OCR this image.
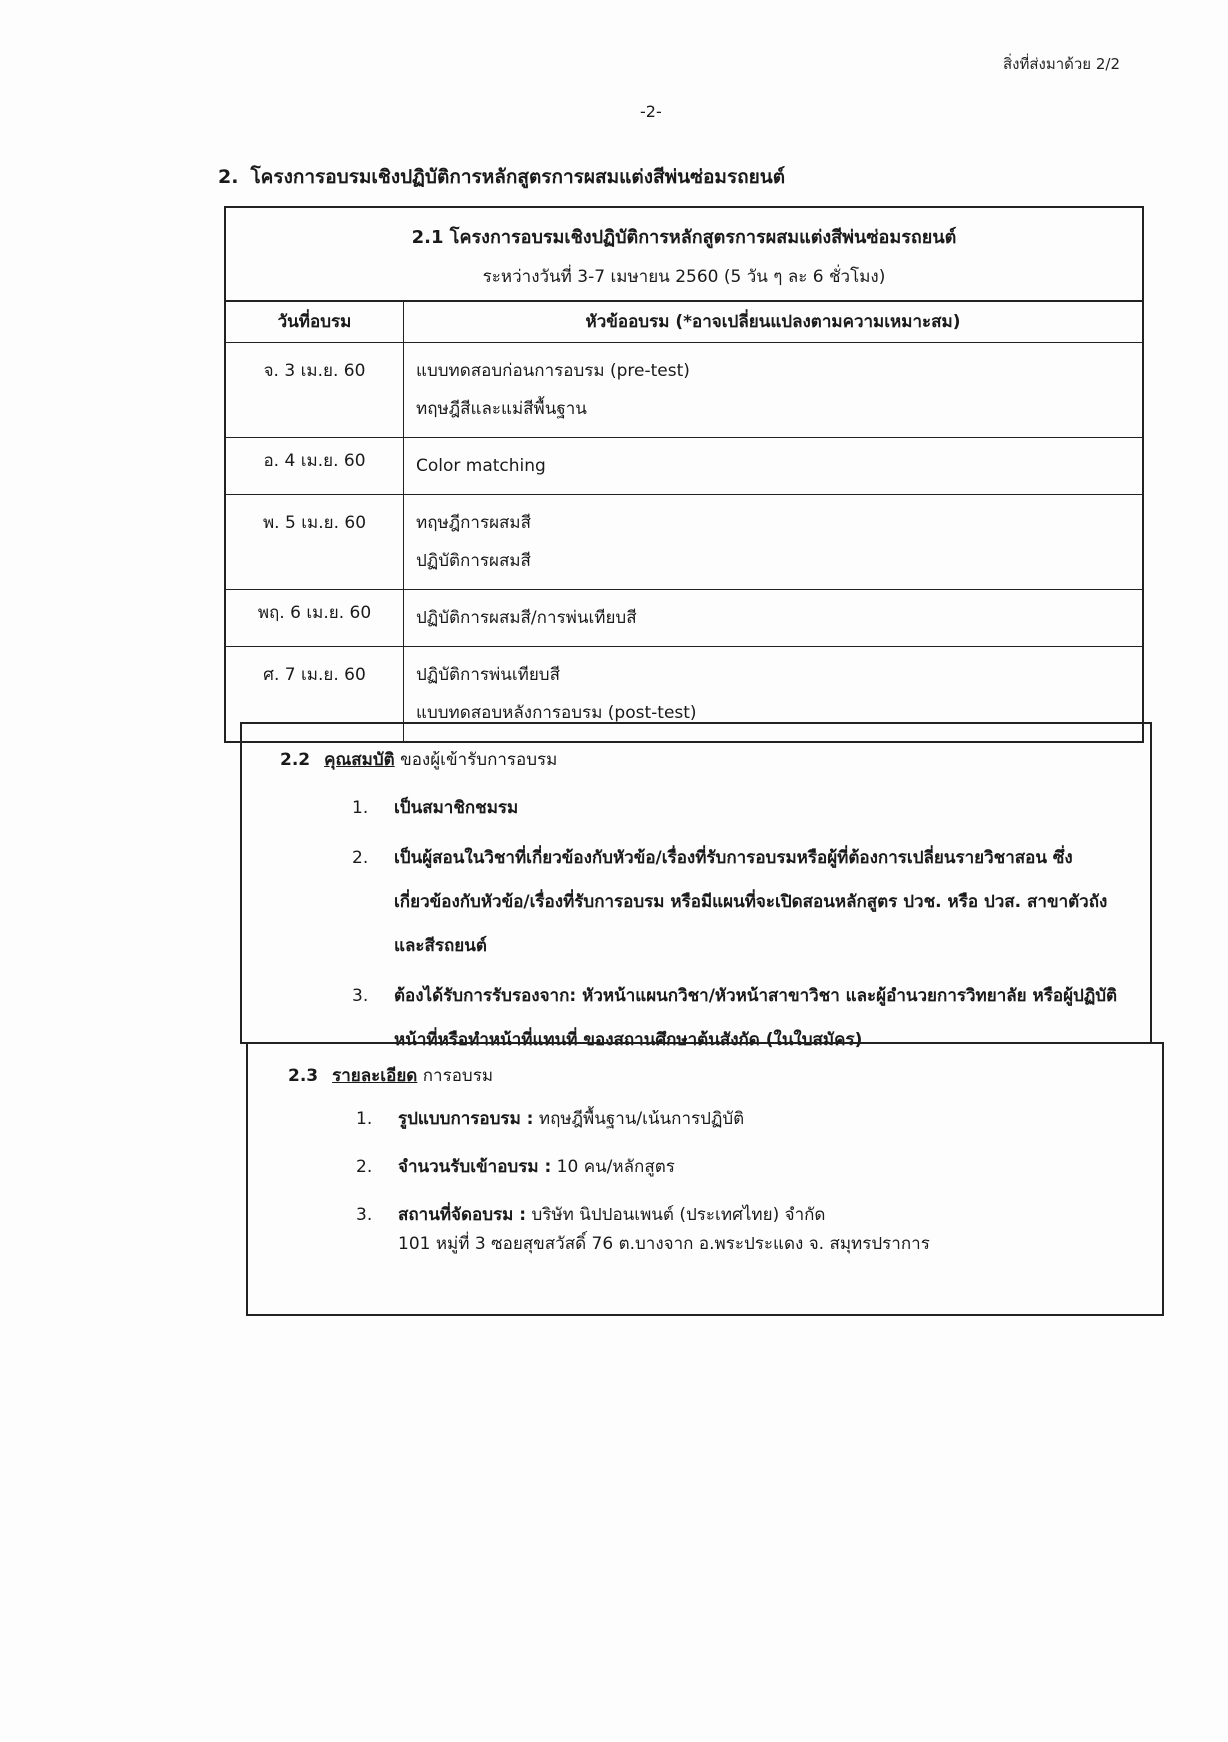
สิ่งที่ส่งมาด้วย 2/2
-2-
2. โครงการอบรมเชิงปฏิบัติการหลักสูตรการผสมแต่งสีพ่นซ่อมรถยนต์
2.1 โครงการอบรมเชิงปฏิบัติการหลักสูตรการผสมแต่งสีพ่นซ่อมรถยนต์
ระหว่างวันที่ 3-7 เมษายน 2560 (5 วัน ๆ ละ 6 ชั่วโมง)
วันที่อบรม	หัวข้ออบรม (*อาจเปลี่ยนแปลงตามความเหมาะสม)
จ. 3 เม.ย. 60	แบบทดสอบก่อนการอบรม (pre-test)
ทฤษฎีสีและแม่สีพื้นฐาน
อ. 4 เม.ย. 60	Color matching
พ. 5 เม.ย. 60	ทฤษฎีการผสมสี
ปฏิบัติการผสมสี
พฤ. 6 เม.ย. 60	ปฏิบัติการผสมสี/การพ่นเทียบสี
ศ. 7 เม.ย. 60	ปฏิบัติการพ่นเทียบสี
แบบทดสอบหลังการอบรม (post-test)
2.2 คุณสมบัติ ของผู้เข้ารับการอบรม
1.	เป็นสมาชิกชมรม
2.	เป็นผู้สอนในวิชาที่เกี่ยวข้องกับหัวข้อ/เรื่องที่รับการอบรมหรือผู้ที่ต้องการเปลี่ยนรายวิชาสอน ซึ่งเกี่ยวข้องกับหัวข้อ/เรื่องที่รับการอบรม หรือมีแผนที่จะเปิดสอนหลักสูตร ปวช. หรือ ปวส. สาขาตัวถังและสีรถยนต์
3.	ต้องได้รับการรับรองจาก: หัวหน้าแผนกวิชา/หัวหน้าสาขาวิชา และผู้อำนวยการวิทยาลัย หรือผู้ปฏิบัติหน้าที่หรือทำหน้าที่แทนที่ ของสถานศึกษาต้นสังกัด (ในใบสมัคร)
2.3 รายละเอียด การอบรม
1.	รูปแบบการอบรม : ทฤษฎีพื้นฐาน/เน้นการปฏิบัติ
2.	จำนวนรับเข้าอบรม : 10 คน/หลักสูตร
3.	สถานที่จัดอบรม : บริษัท นิปปอนเพนต์ (ประเทศไทย) จำกัด
101 หมู่ที่ 3 ซอยสุขสวัสดิ์ 76 ต.บางจาก อ.พระประแดง จ. สมุทรปราการ
